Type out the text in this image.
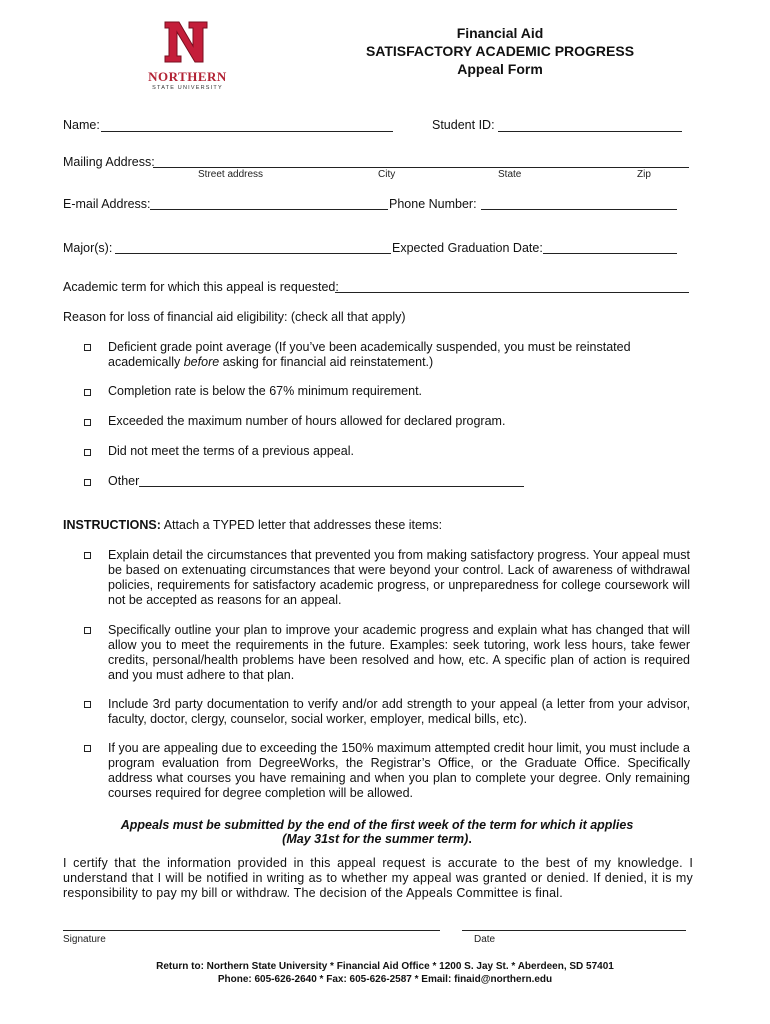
NORTHERN
STATE UNIVERSITY
Financial Aid
SATISFACTORY ACADEMIC PROGRESS
Appeal Form
Name:	Student ID:
Mailing Address:
Street address	City	State	Zip
E-mail Address:	Phone Number:
Major(s):	Expected Graduation Date:
Academic term for which this appeal is requested:
Reason for loss of financial aid eligibility: (check all that apply)
Deficient grade point average (If you’ve been academically suspended, you must be reinstated
academically before asking for financial aid reinstatement.)
Completion rate is below the 67% minimum requirement.
Exceeded the maximum number of hours allowed for declared program.
Did not meet the terms of a previous appeal.
Other
INSTRUCTIONS: Attach a TYPED letter that addresses these items:
Explain detail the circumstances that prevented you from making satisfactory progress. Your appeal must be based on extenuating circumstances that were beyond your control. Lack of awareness of withdrawal policies, requirements for satisfactory academic progress, or unpreparedness for college coursework will not be accepted as reasons for an appeal.
Specifically outline your plan to improve your academic progress and explain what has changed that will allow you to meet the requirements in the future. Examples: seek tutoring, work less hours, take fewer credits, personal/health problems have been resolved and how, etc. A specific plan of action is required and you must adhere to that plan.
Include 3rd party documentation to verify and/or add strength to your appeal (a letter from your advisor, faculty, doctor, clergy, counselor, social worker, employer, medical bills, etc).
If you are appealing due to exceeding the 150% maximum attempted credit hour limit, you must include a program evaluation from DegreeWorks, the Registrar’s Office, or the Graduate Office. Specifically address what courses you have remaining and when you plan to complete your degree. Only remaining courses required for degree completion will be allowed.
Appeals must be submitted by the end of the first week of the term for which it applies
(May 31st for the summer term).
I certify that the information provided in this appeal request is accurate to the best of my knowledge. I understand that I will be notified in writing as to whether my appeal was granted or denied. If denied, it is my responsibility to pay my bill or withdraw. The decision of the Appeals Committee is final.
Signature	Date
Return to: Northern State University * Financial Aid Office * 1200 S. Jay St. * Aberdeen, SD 57401
Phone: 605-626-2640 * Fax: 605-626-2587 * Email: finaid@northern.edu
